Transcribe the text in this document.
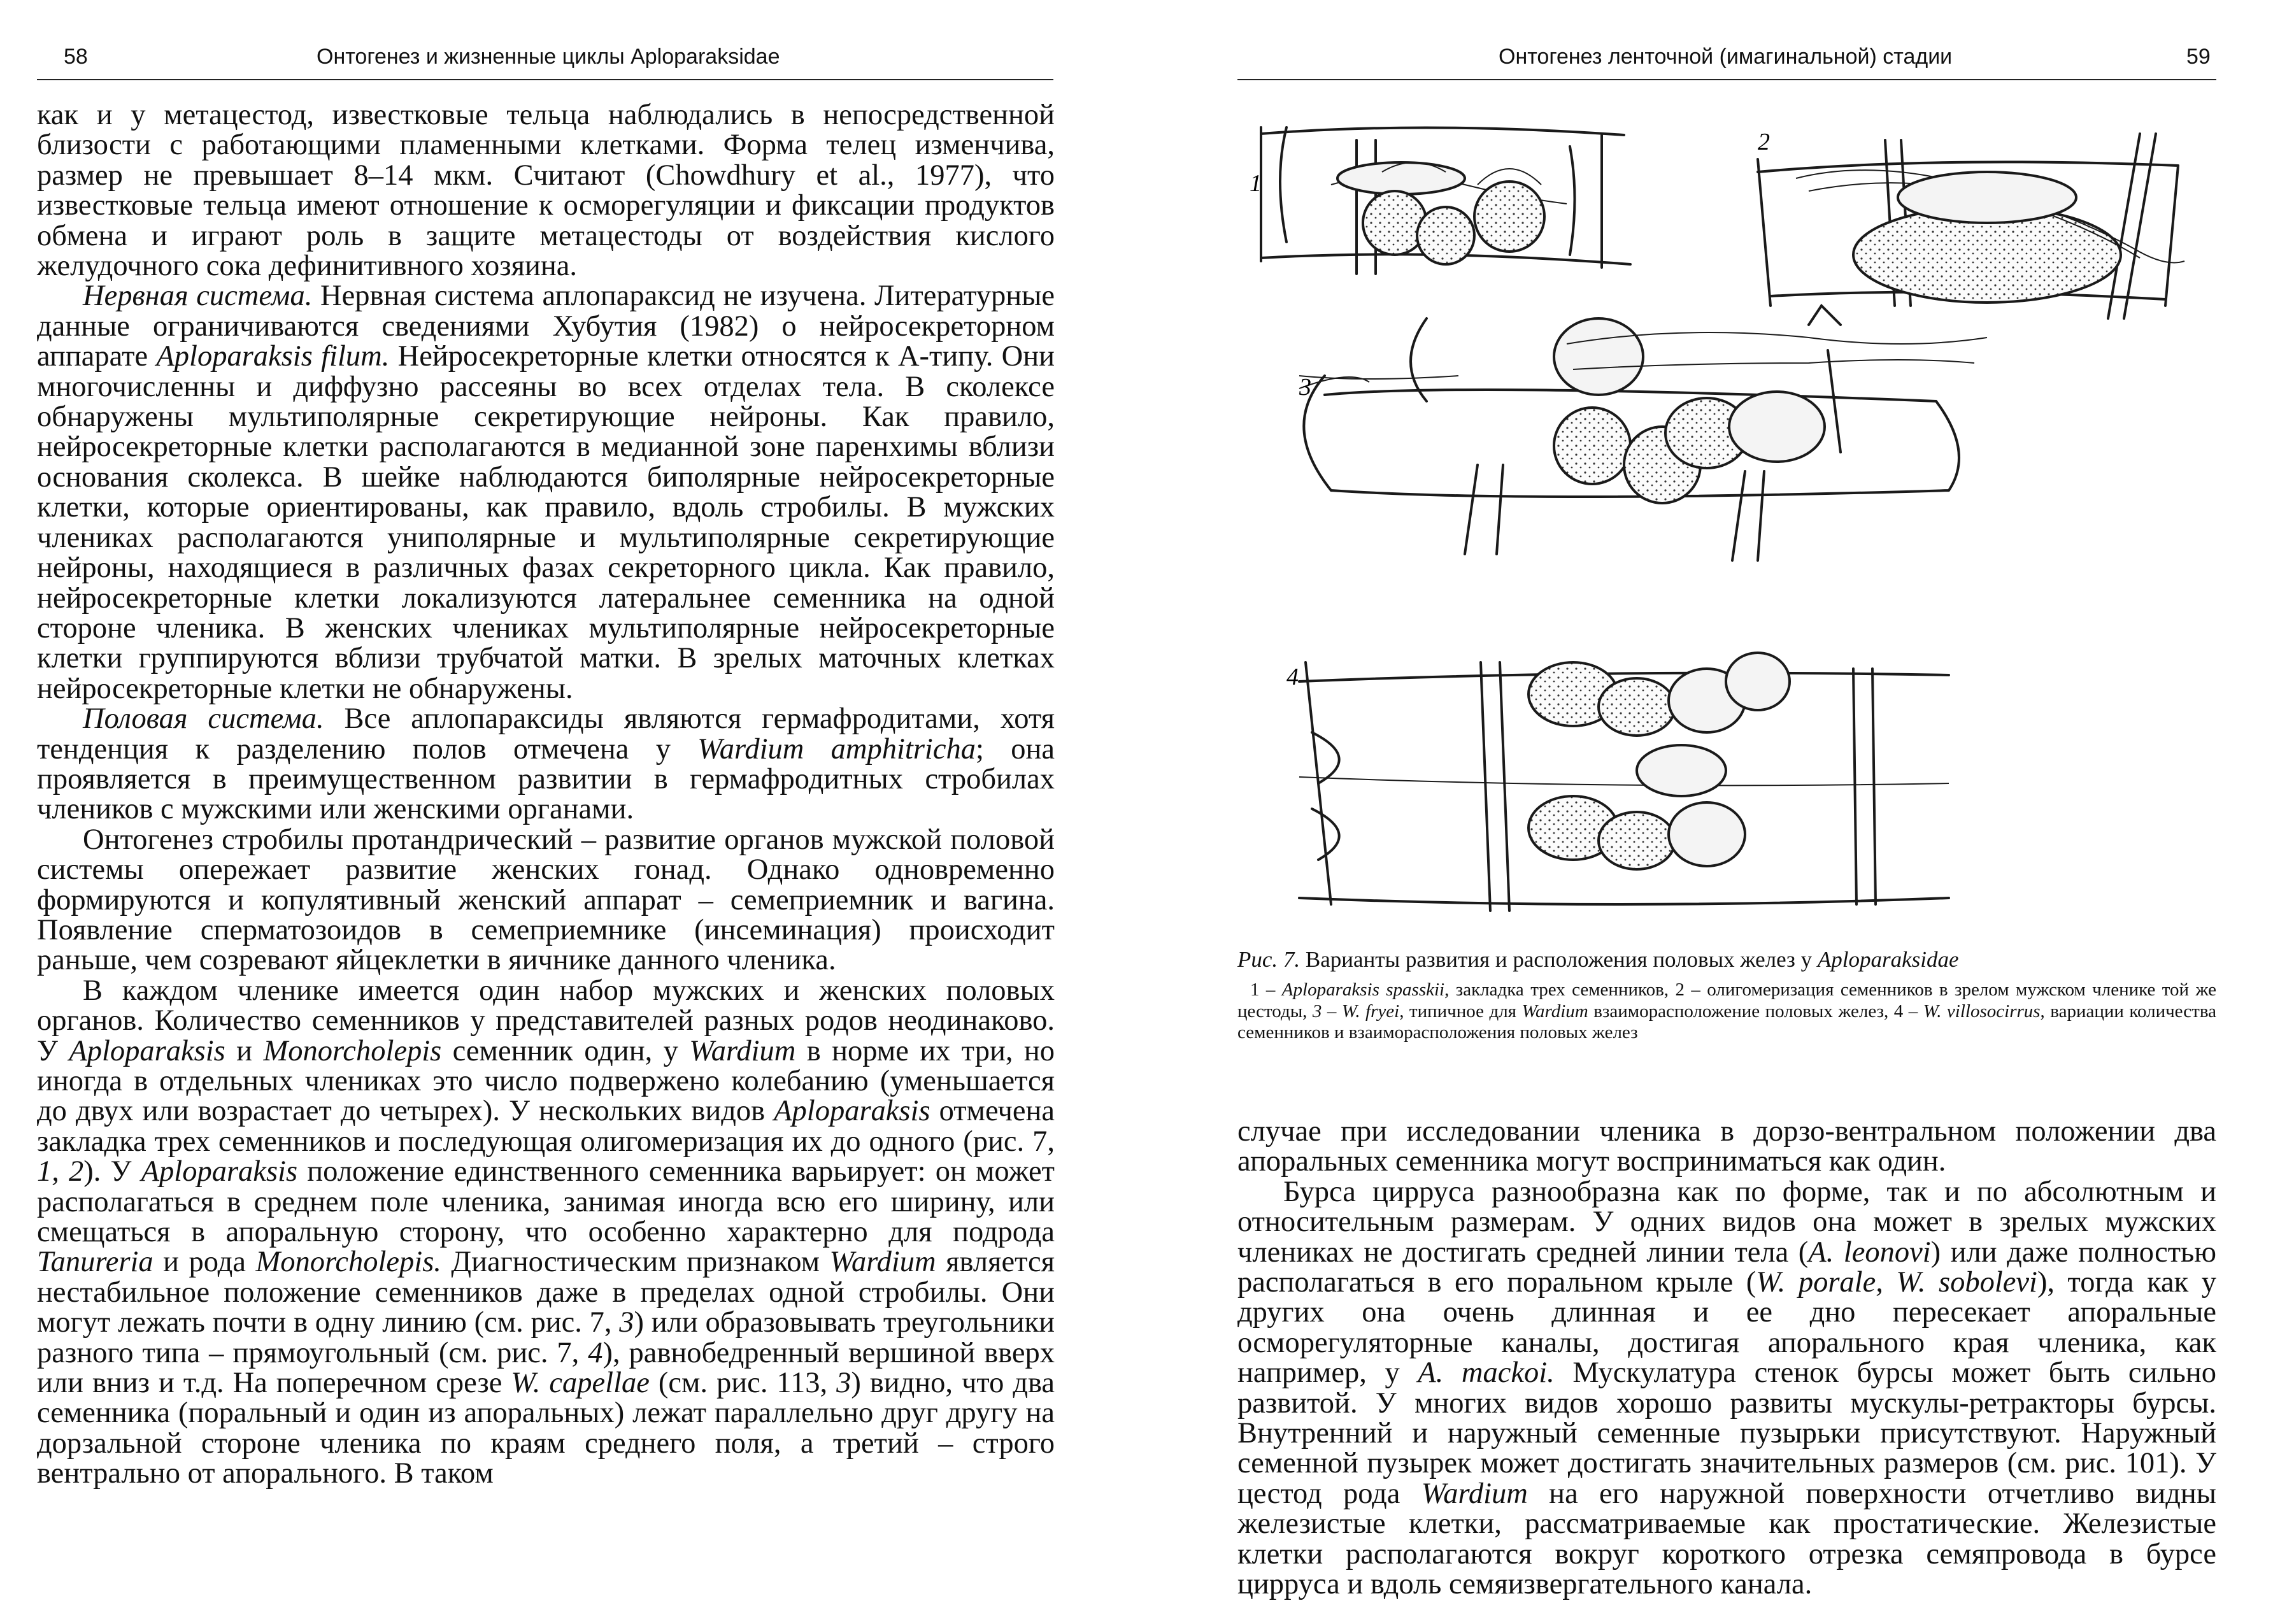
58	Онтогенез и жизненные циклы Aploparaksidae

как и у метацестод, известковые тельца наблюдались в непосредственной близости с работающими пламенными клетками. Форма телец изменчива, размер не превышает 8–14 мкм. Считают (Chowdhury et al., 1977), что известковые тельца имеют отношение к осморегуляции и фиксации продуктов обмена и играют роль в защите метацестоды от воздействия кислого желудочного сока дефинитивного хозяина.

Нервная система. Нервная система аплопараксид не изучена. Литературные данные ограничиваются сведениями Хубутия (1982) о нейросекреторном аппарате Aploparaksis filum. Нейросекреторные клетки относятся к А-типу. Они многочисленны и диффузно рассеяны во всех отделах тела. В сколексе обнаружены мультиполярные секретирующие нейроны. Как правило, нейросекреторные клетки располагаются в медианной зоне паренхимы вблизи основания сколекса. В шейке наблюдаются биполярные нейросекреторные клетки, которые ориентированы, как правило, вдоль стробилы. В мужских члениках располагаются униполярные и мультиполярные секретирующие нейроны, находящиеся в различных фазах секреторного цикла. Как правило, нейросекреторные клетки локализуются латеральнее семенника на одной стороне членика. В женских члениках мультиполярные нейросекреторные клетки группируются вблизи трубчатой матки. В зрелых маточных клетках нейросекреторные клетки не обнаружены.

Половая система. Все аплопараксиды являются гермафродитами, хотя тенденция к разделению полов отмечена у Wardium amphitricha; она проявляется в преимущественном развитии в гермафродитных стробилах члеников с мужскими или женскими органами.

Онтогенез стробилы протандрический – развитие органов мужской половой системы опережает развитие женских гонад. Однако одновременно формируются и копулятивный женский аппарат – семеприемник и вагина. Появление сперматозоидов в семеприемнике (инсеминация) происходит раньше, чем созревают яйцеклетки в яичнике данного членика.

В каждом членике имеется один набор мужских и женских половых органов. Количество семенников у представителей разных родов неодинаково. У Aploparaksis и Monorcholepis семенник один, у Wardium в норме их три, но иногда в отдельных члениках это число подвержено колебанию (уменьшается до двух или возрастает до четырех). У нескольких видов Aploparaksis отмечена закладка трех семенников и последующая олигомеризация их до одного (рис. 7, 1, 2). У Aploparaksis положение единственного семенника варьирует: он может располагаться в среднем поле членика, занимая иногда всю его ширину, или смещаться в апоральную сторону, что особенно характерно для подрода Tanureria и рода Monorcholepis. Диагностическим признаком Wardium является нестабильное положение семенников даже в пределах одной стробилы. Они могут лежать почти в одну линию (см. рис. 7, 3) или образовывать треугольники разного типа – прямоугольный (см. рис. 7, 4), равнобедренный вершиной вверх или вниз и т.д. На поперечном срезе W. capellae (см. рис. 113, 3) видно, что два семенника (поральный и один из апоральных) лежат параллельно друг другу на дорзальной стороне членика по краям среднего поля, а третий – строго вентрально от апорального. В таком

Онтогенез ленточной (имагинальной) стадии	59
1
2
3
4
Рис. 7. Варианты развития и расположения половых желез у Aploparaksidae
1 – Aploparaksis spasskii, закладка трех семенников, 2 – олигомеризация семенников в зрелом мужском членике той же цестоды, 3 – W. fryei, типичное для Wardium взаиморасположение половых желез, 4 – W. villosocirrus, вариации количества семенников и взаиморасположения половых желез

случае при исследовании членика в дорзо-вентральном положении два апоральных семенника могут восприниматься как один.

Бурса цирруса разнообразна как по форме, так и по абсолютным и относительным размерам. У одних видов она может в зрелых мужских члениках не достигать средней линии тела (A. leonovi) или даже полностью располагаться в его поральном крыле (W. porale, W. sobolevi), тогда как у других она очень длинная и ее дно пересекает апоральные осморегуляторные каналы, достигая апорального края членика, как например, у A. mackoi. Мускулатура стенок бурсы может быть сильно развитой. У многих видов хорошо развиты мускулы-ретракторы бурсы. Внутренний и наружный семенные пузырьки присутствуют. Наружный семенной пузырек может достигать значительных размеров (см. рис. 101). У цестод рода Wardium на его наружной поверхности отчетливо видны железистые клетки, рассматриваемые как простатические. Железистые клетки располагаются вокруг короткого отрезка семяпровода в бурсе цирруса и вдоль семяизвергательного канала.
